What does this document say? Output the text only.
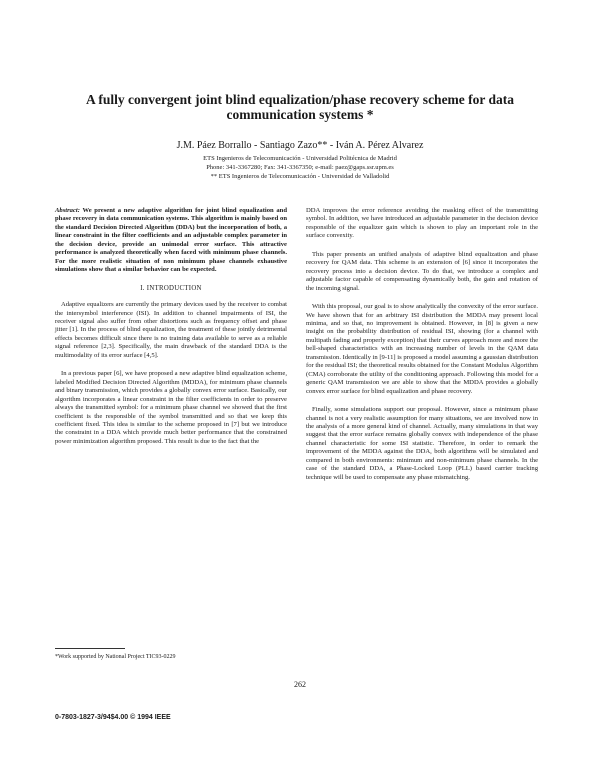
A fully convergent joint blind equalization/phase recovery scheme for data communication systems *
J.M. Páez Borrallo - Santiago Zazo** - Iván A. Pérez Alvarez
ETS Ingenieros de Telecomunicación - Universidad Politécnica de Madrid
Phone: 341-3367280; Fax: 341-3367350; e-mail: paez@gaps.ssr.upm.es
** ETS Ingenieros de Telecomunicación - Universidad de Valladolid

Abstract: We present a new adaptive algorithm for joint blind equalization and phase recovery in data communication systems. This algorithm is mainly based on the standard Decision Directed Algorithm (DDA) but the incorporation of both, a linear constraint in the filter coefficients and an adjustable complex parameter in the decision device, provide an unimodal error surface. This attractive performance is analyzed theoretically when faced with minimum phase channels. For the more realistic situation of non minimum phase channels exhaustive simulations show that a similar behavior can be expected.

I. INTRODUCTION

Adaptive equalizers are currently the primary devices used by the receiver to combat the intersymbol interference (ISI). In addition to channel impairments of ISI, the receiver signal also suffer from other distortions such as frequency offset and phase jitter [1]. In the process of blind equalization, the treatment of these jointly detrimental effects becomes difficult since there is no training data available to serve as a reliable signal reference [2,3]. Specifically, the main drawback of the standard DDA is the multimodality of its error surface [4,5].

In a previous paper [6], we have proposed a new adaptive blind equalization scheme, labeled Modified Decision Directed Algorithm (MDDA), for minimum phase channels and binary transmission, which provides a globally convex error surface. Basically, our algorithm incorporates a linear constraint in the filter coefficients in order to preserve always the transmitted symbol: for a minimum phase channel we showed that the first coefficient is the responsible of the symbol transmitted and so that we keep this coefficient fixed. This idea is similar to the scheme proposed in [7] but we introduce the constraint in a DDA which provide much better performance that the constrained power minimization algorithm proposed. This result is due to the fact that the

DDA improves the error reference avoiding the masking effect of the transmitting symbol. In addition, we have introduced an adjustable parameter in the decision device responsible of the equalizer gain which is shown to play an important role in the surface convexity.

This paper presents an unified analysis of adaptive blind equalization and phase recovery for QAM data. This scheme is an extension of [6] since it incorporates the recovery process into a decision device. To do that, we introduce a complex and adjustable factor capable of compensating dynamically both, the gain and rotation of the incoming signal.

With this proposal, our goal is to show analytically the convexity of the error surface. We have shown that for an arbitrary ISI distribution the MDDA may present local minima, and so that, no improvement is obtained. However, in [8] is given a new insight on the probability distribution of residual ISI, showing (for a channel with multipath fading and properly exception) that their curves approach more and more the bell-shaped characteristics with an increasing number of levels in the QAM data transmission. Identically in [9-11] is proposed a model assuming a gaussian distribution for the residual ISI; the theoretical results obtained for the Constant Modulus Algorithm (CMA) corroborate the utility of the conditioning approach. Following this model for a generic QAM transmission we are able to show that the MDDA provides a globally convex error surface for blind equalization and phase recovery.

Finally, some simulations support our proposal. However, since a minimum phase channel is not a very realistic assumption for many situations, we are involved now in the analysis of a more general kind of channel. Actually, many simulations in that way suggest that the error surface remains globally convex with independence of the phase channel characteristic for some ISI statistic. Therefore, in order to remark the improvement of the MDDA against the DDA, both algorithms will be simulated and compared in both environments: minimum and non-minimum phase channels. In the case of the standard DDA, a Phase-Locked Loop (PLL) based carrier tracking technique will be used to compensate any phase mismatching.

*Work supported by National Project TIC93-0229
262
0-7803-1827-3/94$4.00 © 1994 IEEE
